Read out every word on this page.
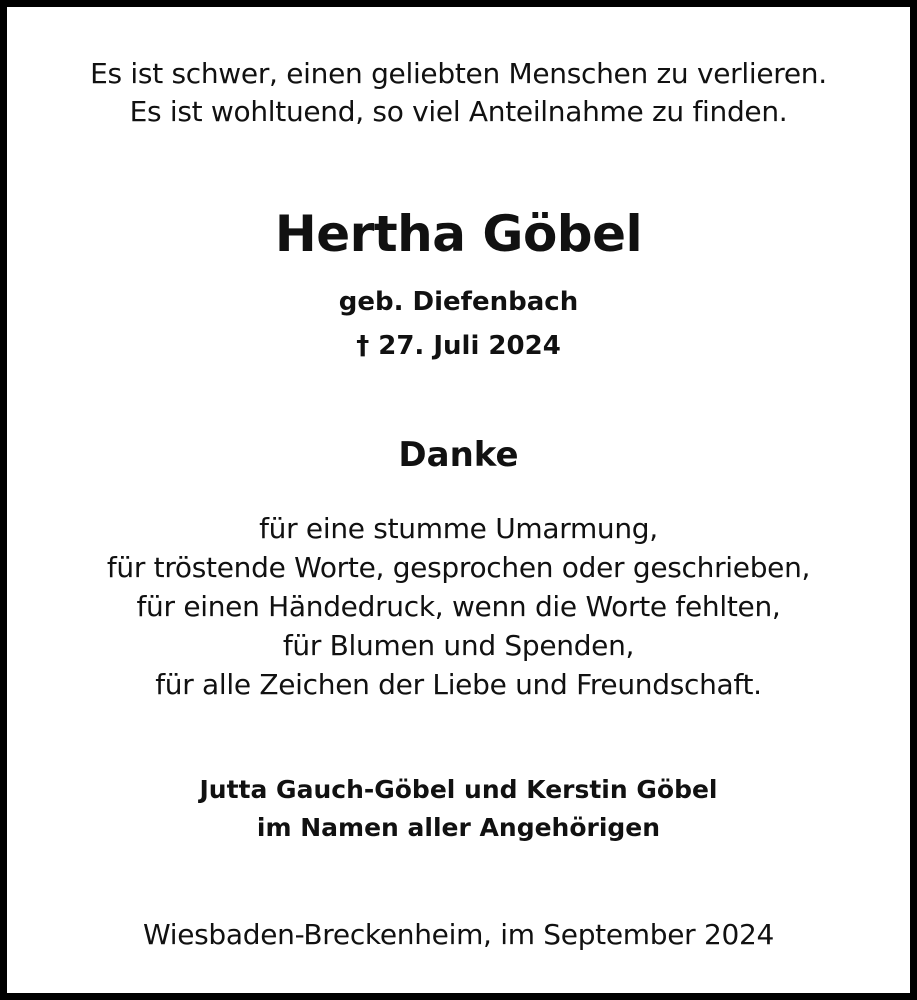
Es ist schwer, einen geliebten Menschen zu verlieren.

Es ist wohltuend, so viel Anteilnahme zu finden.

Hertha Göbel

geb. Diefenbach

† 27. Juli 2024

Danke

für eine stumme Umarmung,

für tröstende Worte, gesprochen oder geschrieben,

für einen Händedruck, wenn die Worte fehlten,

für Blumen und Spenden,

für alle Zeichen der Liebe und Freundschaft.

Jutta Gauch-Göbel und Kerstin Göbel

im Namen aller Angehörigen

Wiesbaden-Breckenheim, im September 2024
